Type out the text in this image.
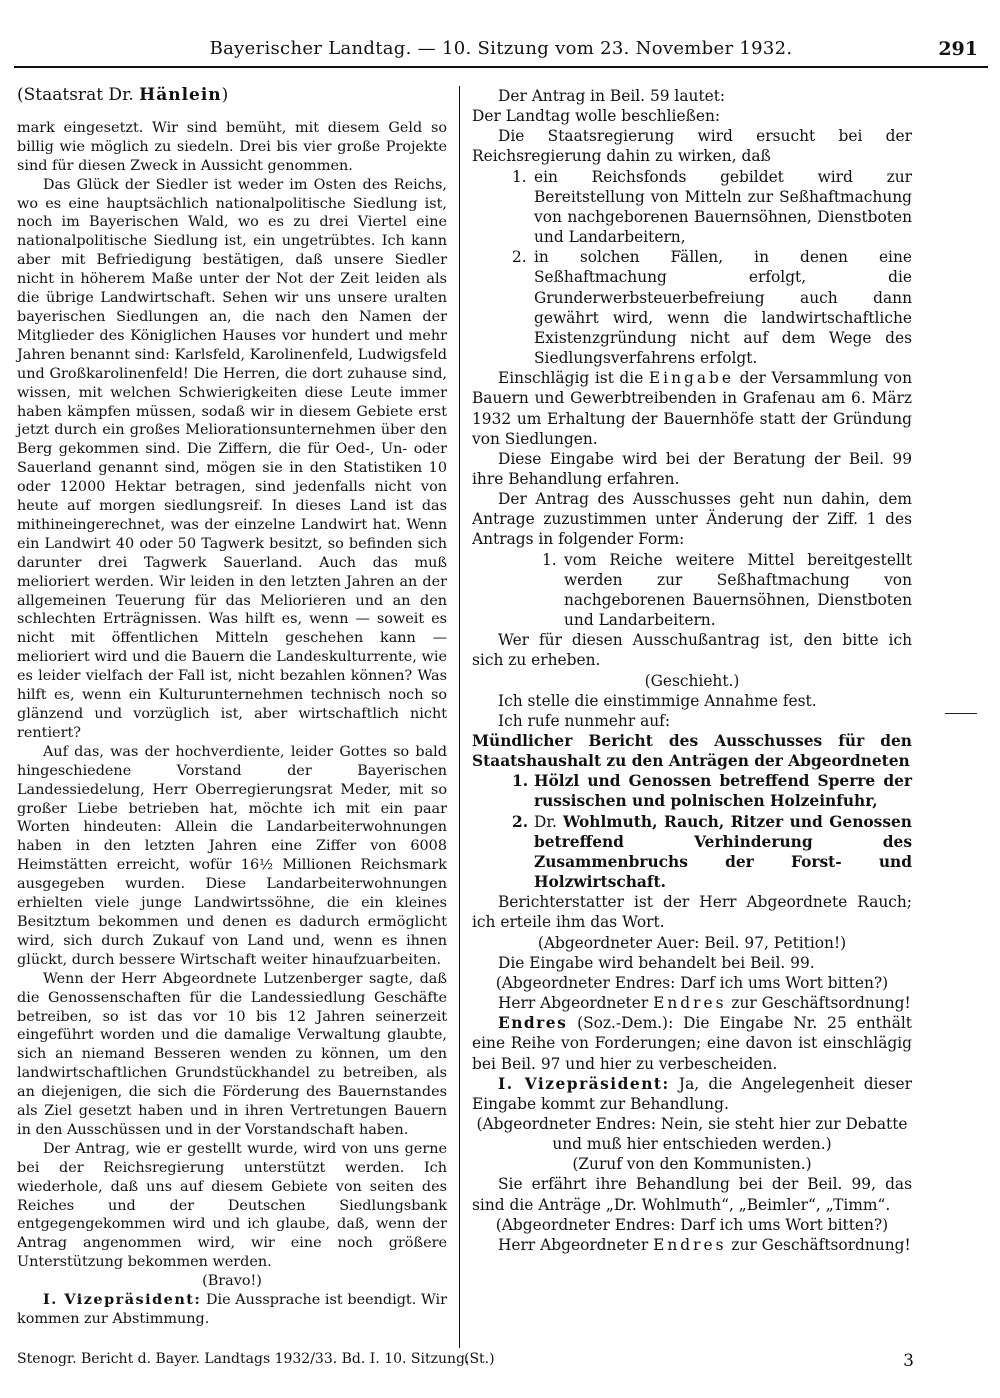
Bayerischer Landtag. — 10. Sitzung vom 23. November 1932.	291
(Staatsrat Dr. Hänlein)

mark eingesetzt. Wir sind bemüht, mit diesem Geld so billig wie möglich zu siedeln. Drei bis vier große Projekte sind für diesen Zweck in Aussicht genommen.

Das Glück der Siedler ist weder im Osten des Reichs, wo es eine hauptsächlich nationalpolitische Siedlung ist, noch im Bayerischen Wald, wo es zu drei Viertel eine nationalpolitische Siedlung ist, ein ungetrübtes. Ich kann aber mit Befriedigung bestätigen, daß unsere Siedler nicht in höherem Maße unter der Not der Zeit leiden als die übrige Landwirtschaft. Sehen wir uns unsere uralten bayerischen Siedlungen an, die nach den Namen der Mitglieder des Königlichen Hauses vor hundert und mehr Jahren benannt sind: Karlsfeld, Karolinenfeld, Ludwigsfeld und Großkarolinenfeld! Die Herren, die dort zuhause sind, wissen, mit welchen Schwierigkeiten diese Leute immer haben kämpfen müssen, sodaß wir in diesem Gebiete erst jetzt durch ein großes Meliorationsunternehmen über den Berg gekommen sind. Die Ziffern, die für Oed-, Un- oder Sauerland genannt sind, mögen sie in den Statistiken 10 oder 12000 Hektar betragen, sind jedenfalls nicht von heute auf morgen siedlungsreif. In dieses Land ist das mithineingerechnet, was der einzelne Landwirt hat. Wenn ein Landwirt 40 oder 50 Tagwerk besitzt, so befinden sich darunter drei Tagwerk Sauerland. Auch das muß melioriert werden. Wir leiden in den letzten Jahren an der allgemeinen Teuerung für das Meliorieren und an den schlechten Erträgnissen. Was hilft es, wenn — soweit es nicht mit öffentlichen Mitteln geschehen kann — melioriert wird und die Bauern die Landeskulturrente, wie es leider vielfach der Fall ist, nicht bezahlen können? Was hilft es, wenn ein Kulturunternehmen technisch noch so glänzend und vorzüglich ist, aber wirtschaftlich nicht rentiert?

Auf das, was der hochverdiente, leider Gottes so bald hingeschiedene Vorstand der Bayerischen Landessiedelung, Herr Oberregierungsrat Meder, mit so großer Liebe betrieben hat, möchte ich mit ein paar Worten hindeuten: Allein die Landarbeiterwohnungen haben in den letzten Jahren eine Ziffer von 6008 Heimstätten erreicht, wofür 16½ Millionen Reichsmark ausgegeben wurden. Diese Landarbeiterwohnungen erhielten viele junge Landwirtssöhne, die ein kleines Besitztum bekommen und denen es dadurch ermöglicht wird, sich durch Zukauf von Land und, wenn es ihnen glückt, durch bessere Wirtschaft weiter hinaufzuarbeiten.

Wenn der Herr Abgeordnete Lutzenberger sagte, daß die Genossenschaften für die Landessiedlung Geschäfte betreiben, so ist das vor 10 bis 12 Jahren seinerzeit eingeführt worden und die damalige Verwaltung glaubte, sich an niemand Besseren wenden zu können, um den landwirtschaftlichen Grundstückhandel zu betreiben, als an diejenigen, die sich die Förderung des Bauernstandes als Ziel gesetzt haben und in ihren Vertretungen Bauern in den Ausschüssen und in der Vorstandschaft haben.

Der Antrag, wie er gestellt wurde, wird von uns gerne bei der Reichsregierung unterstützt werden. Ich wiederhole, daß uns auf diesem Gebiete von seiten des Reiches und der Deutschen Siedlungsbank entgegengekommen wird und ich glaube, daß, wenn der Antrag angenommen wird, wir eine noch größere Unterstützung bekommen werden.

(Bravo!)

I. Vizepräsident: Die Aussprache ist beendigt. Wir kommen zur Abstimmung.

Der Antrag in Beil. 59 lautet:

Der Landtag wolle beschließen:

Die Staatsregierung wird ersucht bei der Reichsregierung dahin zu wirken, daß

1. ein Reichsfonds gebildet wird zur Bereitstellung von Mitteln zur Seßhaftmachung von nachgeborenen Bauernsöhnen, Dienstboten und Landarbeitern,
2. in solchen Fällen, in denen eine Seßhaftmachung erfolgt, die Grunderwerbsteuerbefreiung auch dann gewährt wird, wenn die landwirtschaftliche Existenzgründung nicht auf dem Wege des Siedlungsverfahrens erfolgt.

Einschlägig ist die Eingabe der Versammlung von Bauern und Gewerbtreibenden in Grafenau am 6. März 1932 um Erhaltung der Bauernhöfe statt der Gründung von Siedlungen.

Diese Eingabe wird bei der Beratung der Beil. 99 ihre Behandlung erfahren.

Der Antrag des Ausschusses geht nun dahin, dem Antrage zuzustimmen unter Änderung der Ziff. 1 des Antrags in folgender Form:

1. vom Reiche weitere Mittel bereitgestellt werden zur Seßhaftmachung von nachgeborenen Bauernsöhnen, Dienstboten und Landarbeitern.

Wer für diesen Ausschußantrag ist, den bitte ich sich zu erheben.

(Geschieht.)

Ich stelle die einstimmige Annahme fest.

Ich rufe nunmehr auf:

Mündlicher Bericht des Ausschusses für den Staatshaushalt zu den Anträgen der Abgeordneten

1. Hölzl und Genossen betreffend Sperre der russischen und polnischen Holzeinfuhr,
2. Dr. Wohlmuth, Rauch, Ritzer und Genossen betreffend Verhinderung des Zusammenbruchs der Forst- und Holzwirtschaft.

Berichterstatter ist der Herr Abgeordnete Rauch; ich erteile ihm das Wort.

(Abgeordneter Auer: Beil. 97, Petition!)

Die Eingabe wird behandelt bei Beil. 99.

(Abgeordneter Endres: Darf ich ums Wort bitten?)

Herr Abgeordneter Endres zur Geschäftsordnung!

Endres (Soz.-Dem.): Die Eingabe Nr. 25 enthält eine Reihe von Forderungen; eine davon ist einschlägig bei Beil. 97 und hier zu verbescheiden.

I. Vizepräsident: Ja, die Angelegenheit dieser Eingabe kommt zur Behandlung.

(Abgeordneter Endres: Nein, sie steht hier zur Debatte und muß hier entschieden werden.)

(Zuruf von den Kommunisten.)

Sie erfährt ihre Behandlung bei der Beil. 99, das sind die Anträge „Dr. Wohlmuth“, „Beimler“, „Timm“.

(Abgeordneter Endres: Darf ich ums Wort bitten?)

Herr Abgeordneter Endres zur Geschäftsordnung!

⸺
Stenogr. Bericht d. Bayer. Landtags 1932/33. Bd. I. 10. Sitzung.
(St.)	3
